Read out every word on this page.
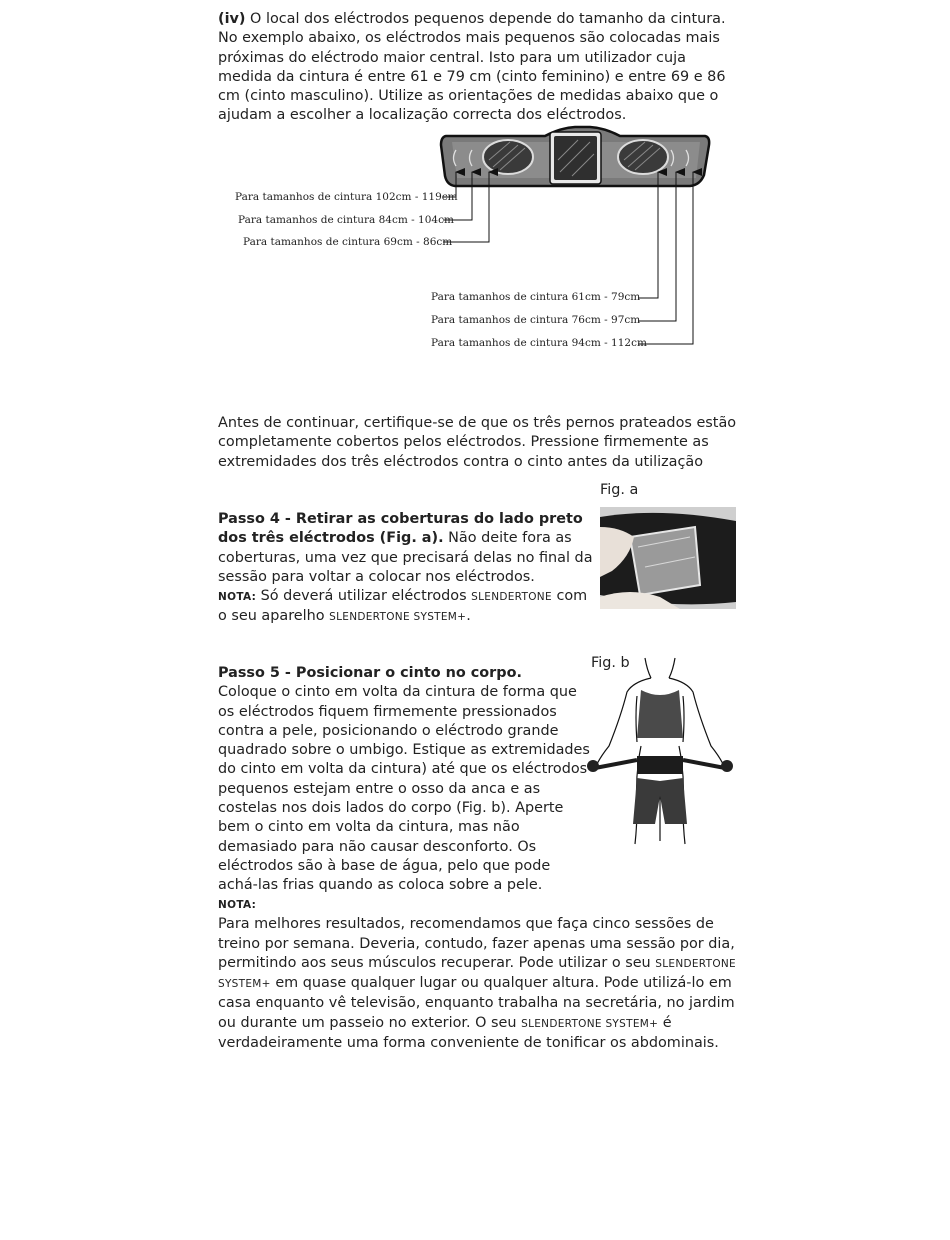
(iv) O local dos eléctrodos pequenos depende do tamanho da cintura. No exemplo abaixo, os eléctrodos mais pequenos são colocadas mais próximas do eléctrodo maior central. Isto para um utilizador cuja medida da cintura é entre 61 e 79 cm (cinto feminino) e entre 69 e 86 cm (cinto masculino). Utilize as orientações de medidas abaixo que o ajudam a escolher a localização correcta dos eléctrodos.

Para tamanhos de cintura 102cm - 119cm
Para tamanhos de cintura 84cm - 104cm
Para tamanhos de cintura 69cm - 86cm
Para tamanhos de cintura 61cm - 79cm
Para tamanhos de cintura 76cm - 97cm
Para tamanhos de cintura 94cm - 112cm

Antes de continuar, certifique-se de que os três pernos prateados estão completamente cobertos pelos eléctrodos. Pressione firmemente as extremidades dos três eléctrodos contra o cinto antes da utilização

Fig. a

Passo 4 - Retirar as coberturas do lado preto dos três eléctrodos (Fig. a). Não deite fora as coberturas, uma vez que precisará delas no final da sessão para voltar a colocar nos eléctrodos.
NOTA: Só deverá utilizar eléctrodos SLENDERTONE com o seu aparelho SLENDERTONE SYSTEM+.

Fig. b

Passo 5 - Posicionar o cinto no corpo.
Coloque o cinto em volta da cintura de forma que os eléctrodos fiquem firmemente pressionados contra a pele, posicionando o eléctrodo grande quadrado sobre o umbigo. Estique as extremidades do cinto em volta da cintura) até que os eléctrodos pequenos estejam entre o osso da anca e as costelas nos dois lados do corpo (Fig. b). Aperte bem o cinto em volta da cintura, mas não demasiado para não causar desconforto. Os eléctrodos são à base de água, pelo que pode achá-las frias quando as coloca sobre a pele.

NOTA:
Para melhores resultados, recomendamos que faça cinco sessões de treino por semana. Deveria, contudo, fazer apenas uma sessão por dia, permitindo aos seus músculos recuperar. Pode utilizar o seu SLENDERTONE SYSTEM+ em quase qualquer lugar ou qualquer altura. Pode utilizá-lo em casa enquanto vê televisão, enquanto trabalha na secretária, no jardim ou durante um passeio no exterior. O seu SLENDERTONE SYSTEM+ é verdadeiramente uma forma conveniente de tonificar os abdominais.
